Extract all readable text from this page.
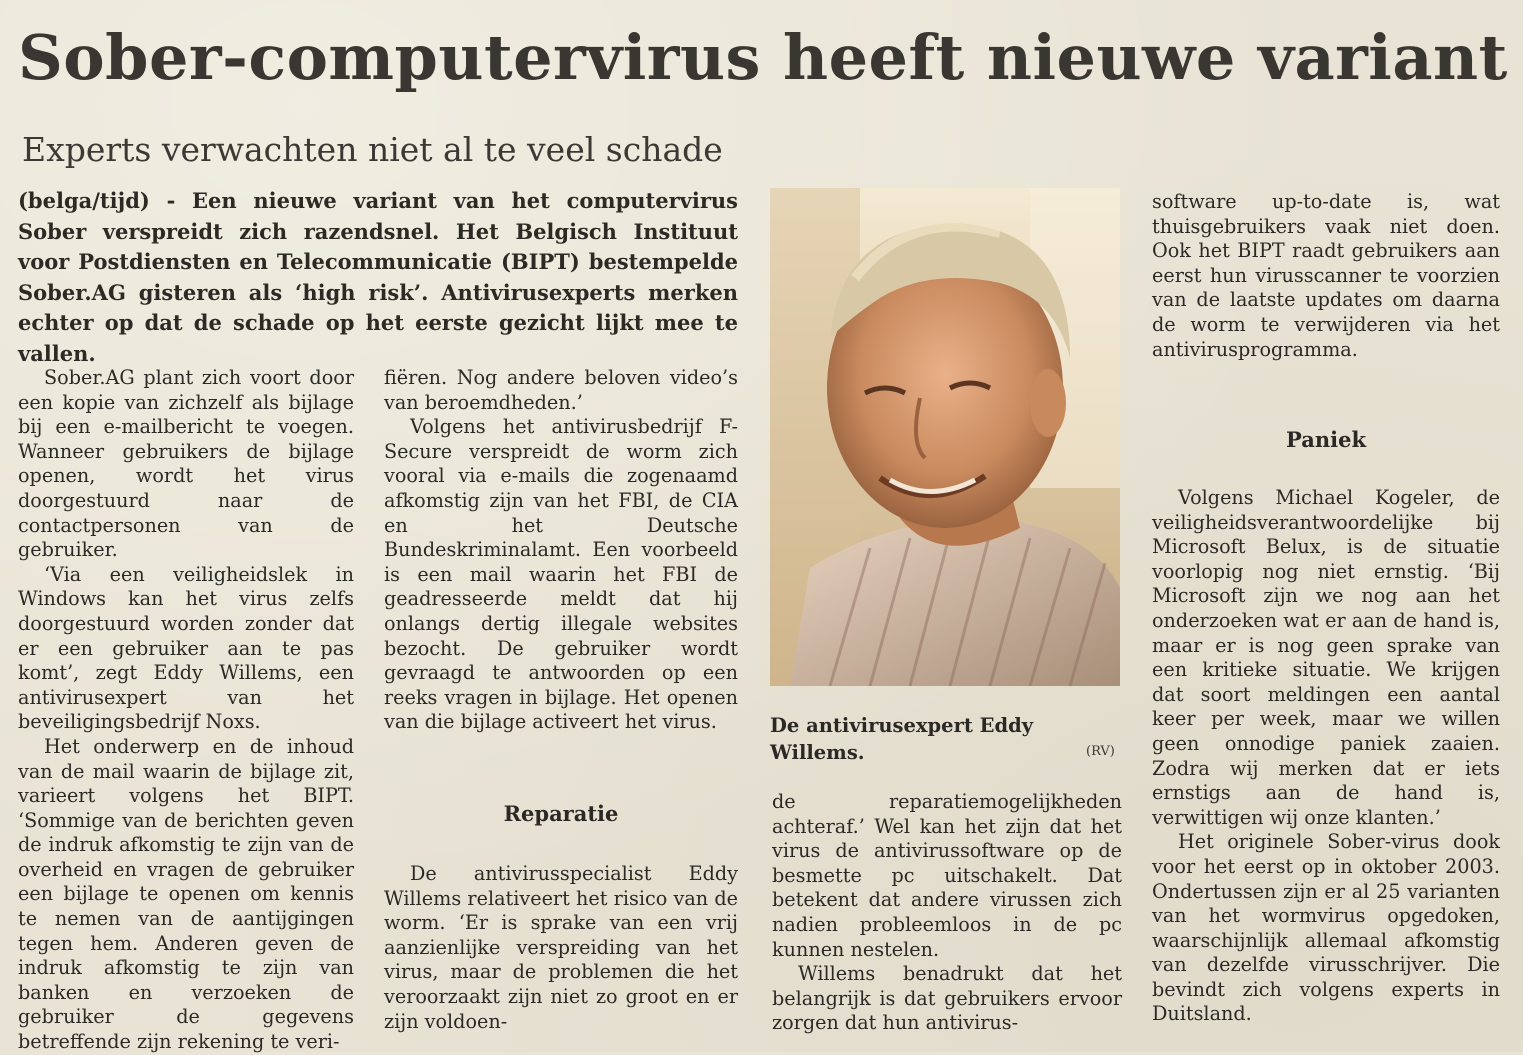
Sober-computervirus heeft nieuwe variant
Experts verwachten niet al te veel schade

(belga/tijd) - Een nieuwe variant van het computervirus Sober verspreidt zich razendsnel. Het Belgisch Instituut voor Postdiensten en Telecommunicatie (BIPT) bestempelde Sober.AG gisteren als ‘high risk’. Antivirusexperts merken echter op dat de schade op het eerste gezicht lijkt mee te vallen.

Sober.AG plant zich voort door een kopie van zichzelf als bijlage bij een e-mailbericht te voegen. Wanneer gebruikers de bijlage openen, wordt het virus doorgestuurd naar de contactpersonen van de gebruiker.

‘Via een veiligheidslek in Windows kan het virus zelfs doorgestuurd worden zonder dat er een gebruiker aan te pas komt’, zegt Eddy Willems, een antivirusexpert van het beveiligingsbedrijf Noxs.

Het onderwerp en de inhoud van de mail waarin de bijlage zit, varieert volgens het BIPT. ‘Sommige van de berichten geven de indruk afkomstig te zijn van de overheid en vragen de gebruiker een bijlage te openen om kennis te nemen van de aantijgingen tegen hem. Anderen geven de indruk afkomstig te zijn van banken en verzoeken de gebruiker de gegevens betreffende zijn rekening te veri-

fiëren. Nog andere beloven video’s van beroemdheden.’

Volgens het antivirusbedrijf F-Secure verspreidt de worm zich vooral via e-mails die zogenaamd afkomstig zijn van het FBI, de CIA en het Deutsche Bundeskriminalamt. Een voorbeeld is een mail waarin het FBI de geadresseerde meldt dat hij onlangs dertig illegale websites bezocht. De gebruiker wordt gevraagd te antwoorden op een reeks vragen in bijlage. Het openen van die bijlage activeert het virus.

Reparatie

De antivirusspecialist Eddy Willems relativeert het risico van de worm. ‘Er is sprake van een vrij aanzienlijke verspreiding van het virus, maar de problemen die het veroorzaakt zijn niet zo groot en er zijn voldoen-

De antivirusexpert Eddy Willems.	(RV)

de reparatiemogelijkheden achteraf.’ Wel kan het zijn dat het virus de antivirussoftware op de besmette pc uitschakelt. Dat betekent dat andere virussen zich nadien probleemloos in de pc kunnen nestelen.

Willems benadrukt dat het belangrijk is dat gebruikers ervoor zorgen dat hun antivirus-

software up-to-date is, wat thuisgebruikers vaak niet doen. Ook het BIPT raadt gebruikers aan eerst hun virusscanner te voorzien van de laatste updates om daarna de worm te verwijderen via het antivirusprogramma.

Paniek

Volgens Michael Kogeler, de veiligheidsverantwoordelijke bij Microsoft Belux, is de situatie voorlopig nog niet ernstig. ‘Bij Microsoft zijn we nog aan het onderzoeken wat er aan de hand is, maar er is nog geen sprake van een kritieke situatie. We krijgen dat soort meldingen een aantal keer per week, maar we willen geen onnodige paniek zaaien. Zodra wij merken dat er iets ernstigs aan de hand is, verwittigen wij onze klanten.’

Het originele Sober-virus dook voor het eerst op in oktober 2003. Ondertussen zijn er al 25 varianten van het wormvirus opgedoken, waarschijnlijk allemaal afkomstig van dezelfde virusschrijver. Die bevindt zich volgens experts in Duitsland.
